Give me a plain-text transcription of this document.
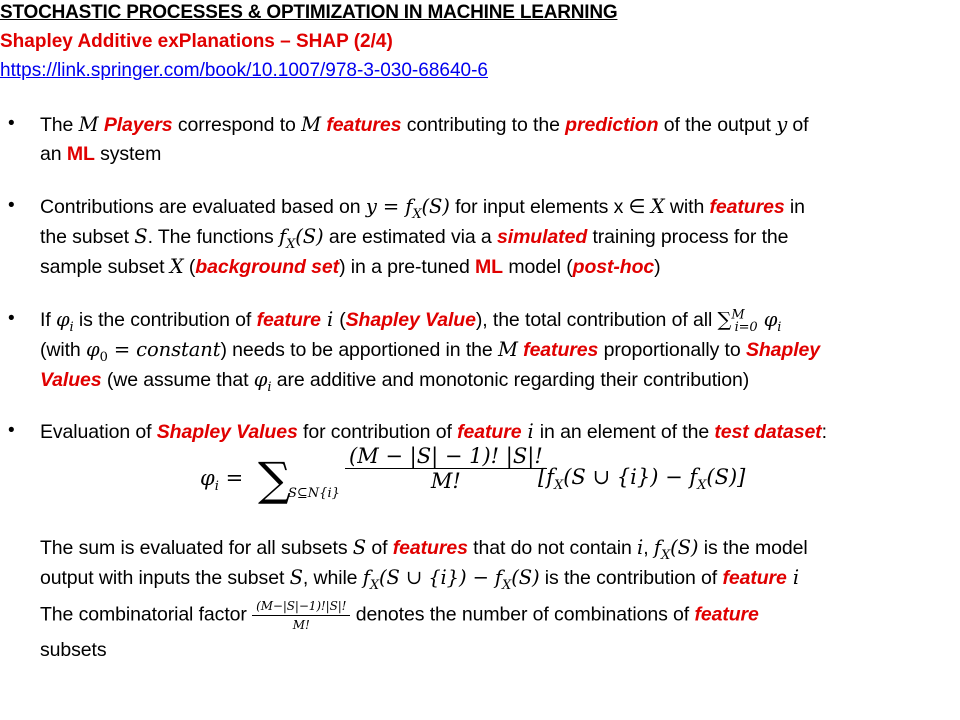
STOCHASTIC PROCESSES & OPTIMIZATION IN MACHINE LEARNING
Shapley Additive exPlanations – SHAP (2/4)
https://link.springer.com/book/10.1007/978-3-030-68640-6
• The M Players correspond to M features contributing to the prediction of the output y of
an ML system
• Contributions are evaluated based on $y = f_X(S)$ for input elements x ∈ X with features in
the subset S. The functions $f_X(S)$ are estimated via a simulated training process for the
sample subset X (background set) in a pre-tuned ML model (post-hoc)
• If $\varphi_i$ is the contribution of feature i (Shapley Value), the total contribution of all ∑$^M_{i=0}$ $\varphi_i$
(with $\varphi_0$ = constant) needs to be apportioned in the M features proportionally to Shapley
Values (we assume that $\varphi_i$ are additive and monotonic regarding their contribution)
• Evaluation of Shapley Values for contribution of feature i in an element of the test dataset:
$\varphi_i$ = ∑
S⊆N{i}
$\frac{(M - |S| - 1)! |S|!}{M!}$
[$f_X(S$ ∪ $\{i\}) - f_X(S)$]
The sum is evaluated for all subsets S of features that do not contain i, $f_X(S)$ is the model
output with inputs the subset S, while $f_X(S$ ∪ $\{i\}) - f_X(S)$ is the contribution of feature i
The combinatorial factor $\frac{(M-|S|-1)!|S|!}{M!}$ denotes the number of combinations of feature
subsets
